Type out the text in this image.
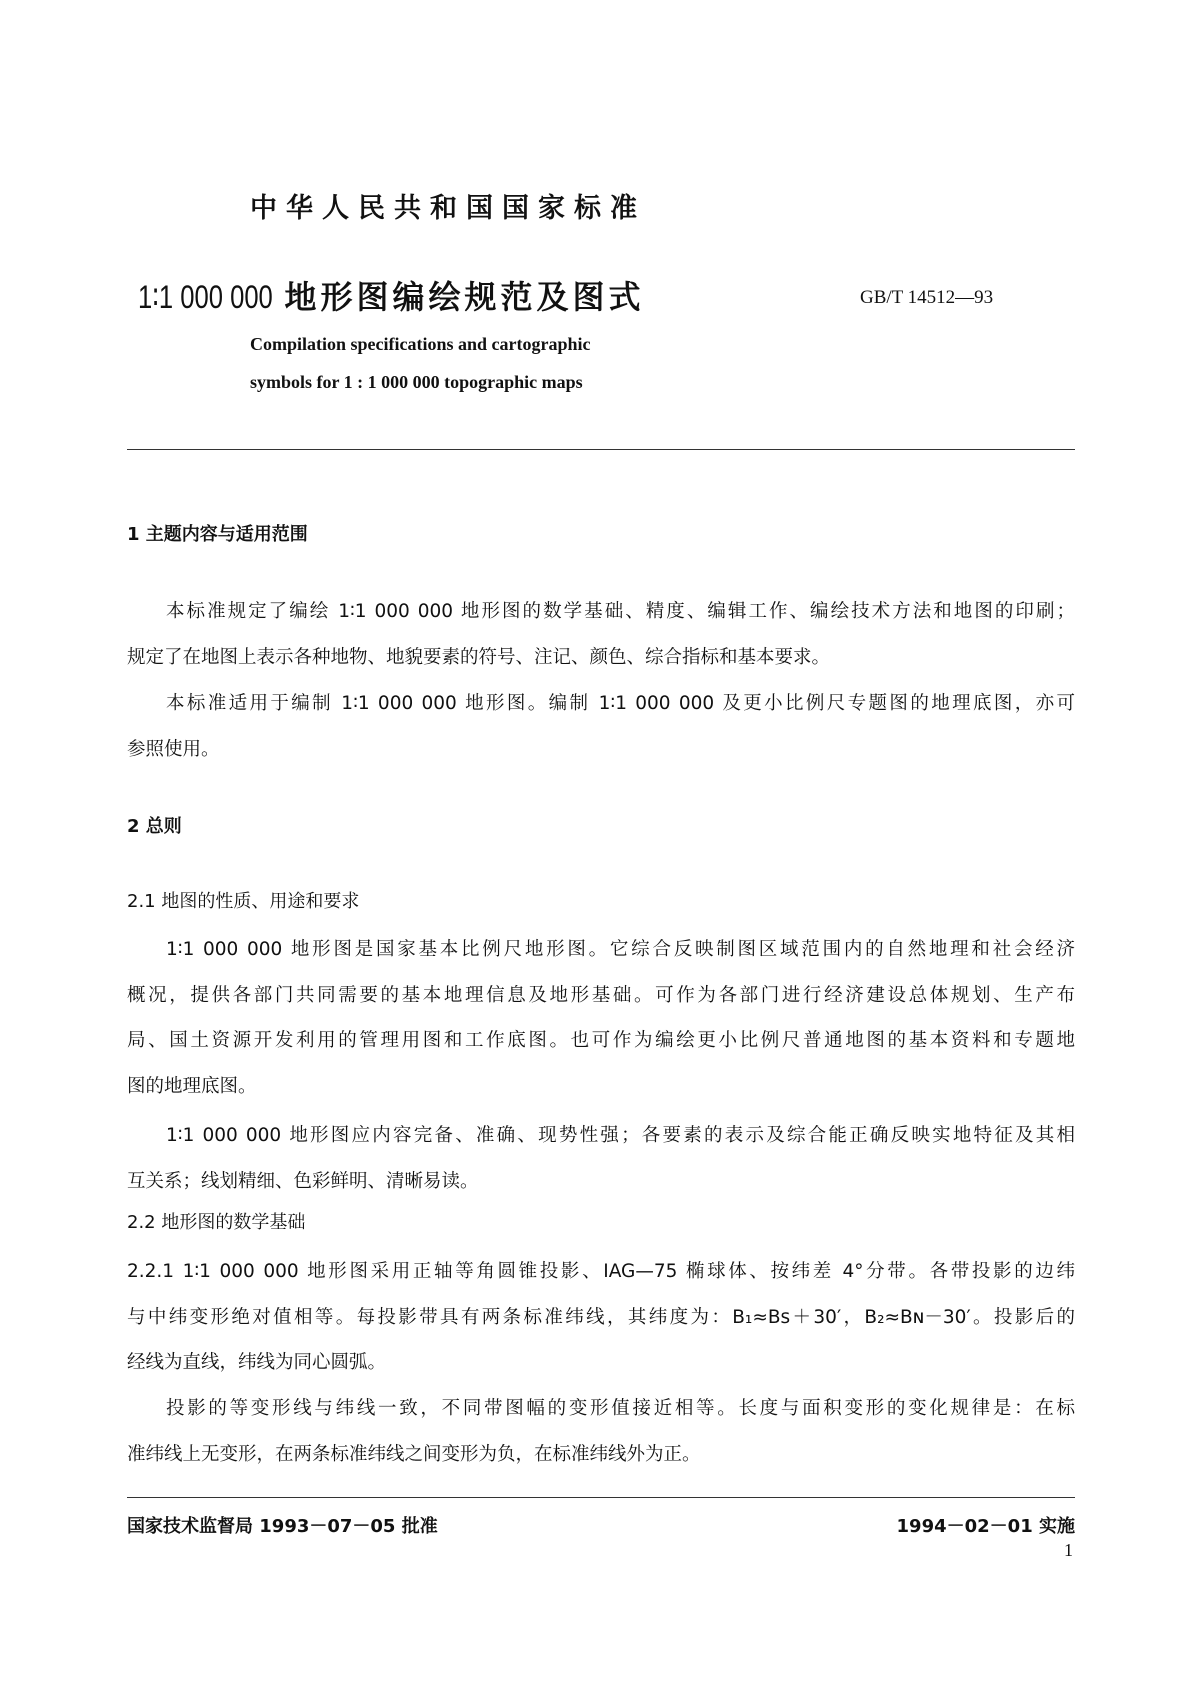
中华人民共和国国家标准
1∶1 000 000 地形图编绘规范及图式	GB/T 14512—93
Compilation specifications and cartographic
symbols for 1 : 1 000 000 topographic maps
1 主题内容与适用范围
本标准规定了编绘 1∶1 000 000 地形图的数学基础、精度、编辑工作、编绘技术方法和地图的印刷；
规定了在地图上表示各种地物、地貌要素的符号、注记、颜色、综合指标和基本要求。
本标准适用于编制 1∶1 000 000 地形图。编制 1∶1 000 000 及更小比例尺专题图的地理底图，亦可
参照使用。
1∶1 000 000 地形图是国家基本比例尺地形图。它综合反映制图区域范围内的自然地理和社会经济
概况，提供各部门共同需要的基本地理信息及地形基础。可作为各部门进行经济建设总体规划、生产布
局、国土资源开发利用的管理用图和工作底图。也可作为编绘更小比例尺普通地图的基本资料和专题地
图的地理底图。
1∶1 000 000 地形图应内容完备、准确、现势性强；各要素的表示及综合能正确反映实地特征及其相
互关系；线划精细、色彩鲜明、清晰易读。
2.2.1 1∶1 000 000 地形图采用正轴等角圆锥投影、IAG—75 椭球体、按纬差 4°分带。各带投影的边纬
与中纬变形绝对值相等。每投影带具有两条标准纬线，其纬度为：B₁≈Bs＋30′，B₂≈Bɴ－30′。投影后的
经线为直线，纬线为同心圆弧。
投影的等变形线与纬线一致，不同带图幅的变形值接近相等。长度与面积变形的变化规律是：在标
准纬线上无变形，在两条标准纬线之间变形为负，在标准纬线外为正。
2 总则
2.1 地图的性质、用途和要求
2.2 地形图的数学基础
国家技术监督局 1993－07－05 批准	1994－02－01 实施
1
